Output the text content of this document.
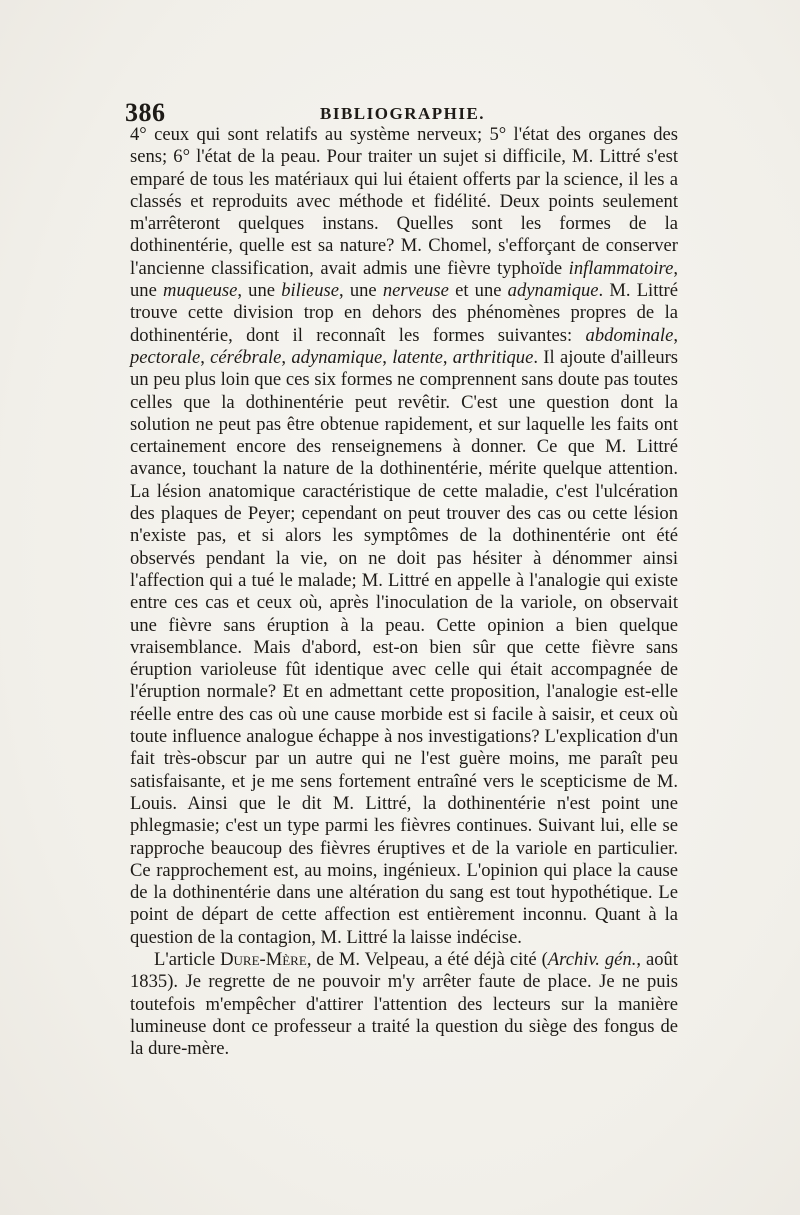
386	BIBLIOGRAPHIE.

4° ceux qui sont relatifs au système nerveux; 5° l'état des organes des sens; 6° l'état de la peau. Pour traiter un sujet si difficile, M. Littré s'est emparé de tous les matériaux qui lui étaient offerts par la science, il les a classés et reproduits avec méthode et fidélité. Deux points seulement m'arrêteront quelques instans. Quelles sont les formes de la dothinentérie, quelle est sa nature? M. Chomel, s'efforçant de conserver l'ancienne classification, avait admis une fièvre typhoïde inflammatoire, une muqueuse, une bilieuse, une nerveuse et une adynamique. M. Littré trouve cette division trop en dehors des phénomènes propres de la dothinentérie, dont il reconnaît les formes suivantes: abdominale, pectorale, cérébrale, adynamique, latente, arthritique. Il ajoute d'ailleurs un peu plus loin que ces six formes ne comprennent sans doute pas toutes celles que la dothinentérie peut revêtir. C'est une question dont la solution ne peut pas être obtenue rapidement, et sur laquelle les faits ont certainement encore des renseignemens à donner. Ce que M. Littré avance, touchant la nature de la dothinentérie, mérite quelque attention. La lésion anatomique caractéristique de cette maladie, c'est l'ulcération des plaques de Peyer; cependant on peut trouver des cas ou cette lésion n'existe pas, et si alors les symptômes de la dothinentérie ont été observés pendant la vie, on ne doit pas hésiter à dénommer ainsi l'affection qui a tué le malade; M. Littré en appelle à l'analogie qui existe entre ces cas et ceux où, après l'inoculation de la variole, on observait une fièvre sans éruption à la peau. Cette opinion a bien quelque vraisemblance. Mais d'abord, est-on bien sûr que cette fièvre sans éruption varioleuse fût identique avec celle qui était accompagnée de l'éruption normale? Et en admettant cette proposition, l'analogie est-elle réelle entre des cas où une cause morbide est si facile à saisir, et ceux où toute influence analogue échappe à nos investigations? L'explication d'un fait très-obscur par un autre qui ne l'est guère moins, me paraît peu satisfaisante, et je me sens fortement entraîné vers le scepticisme de M. Louis. Ainsi que le dit M. Littré, la dothinentérie n'est point une phlegmasie; c'est un type parmi les fièvres continues. Suivant lui, elle se rapproche beaucoup des fièvres éruptives et de la variole en particulier. Ce rapprochement est, au moins, ingénieux. L'opinion qui place la cause de la dothinentérie dans une altération du sang est tout hypothétique. Le point de départ de cette affection est entièrement inconnu. Quant à la question de la contagion, M. Littré la laisse indécise.

L'article Dure-Mère, de M. Velpeau, a été déjà cité (Archiv. gén., août 1835). Je regrette de ne pouvoir m'y arrêter faute de place. Je ne puis toutefois m'empêcher d'attirer l'attention des lecteurs sur la manière lumineuse dont ce professeur a traité la question du siège des fongus de la dure-mère.
